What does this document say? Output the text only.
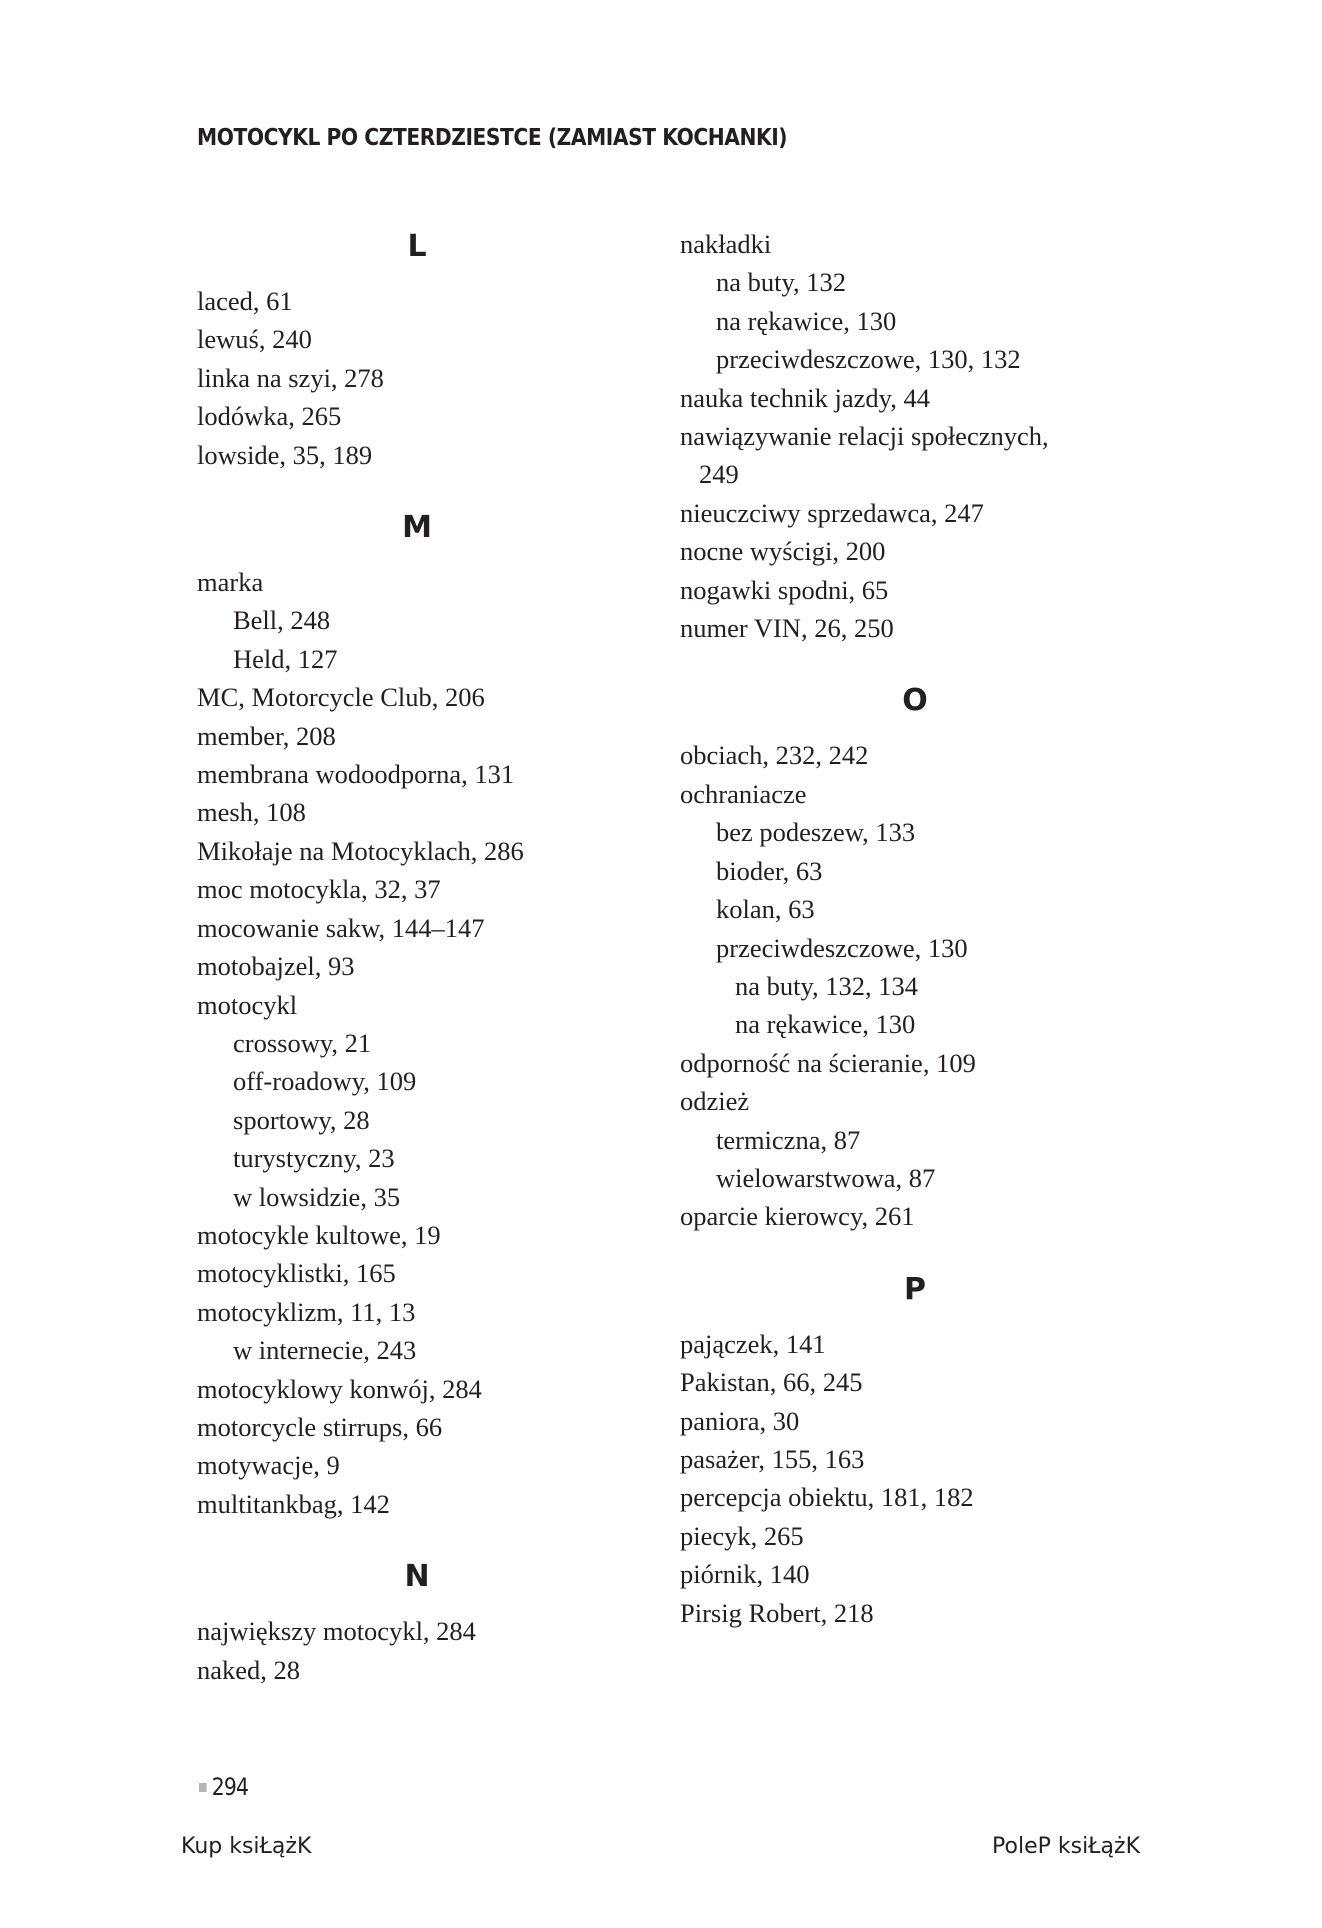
MOTOCYKL PO CZTERDZIESTCE (ZAMIAST KOCHANKI)
L
laced, 61
lewuś, 240
linka na szyi, 278
lodówka, 265
lowside, 35, 189
M
marka
Bell, 248
Held, 127
MC, Motorcycle Club, 206
member, 208
membrana wodoodporna, 131
mesh, 108
Mikołaje na Motocyklach, 286
moc motocykla, 32, 37
mocowanie sakw, 144–147
motobajzel, 93
motocykl
crossowy, 21
off-roadowy, 109
sportowy, 28
turystyczny, 23
w lowsidzie, 35
motocykle kultowe, 19
motocyklistki, 165
motocyklizm, 11, 13
w internecie, 243
motocyklowy konwój, 284
motorcycle stirrups, 66
motywacje, 9
multitankbag, 142
N
największy motocykl, 284
naked, 28
nakładki
na buty, 132
na rękawice, 130
przeciwdeszczowe, 130, 132
nauka technik jazdy, 44
nawiązywanie relacji społecznych,
249
nieuczciwy sprzedawca, 247
nocne wyścigi, 200
nogawki spodni, 65
numer VIN, 26, 250
O
obciach, 232, 242
ochraniacze
bez podeszew, 133
bioder, 63
kolan, 63
przeciwdeszczowe, 130
na buty, 132, 134
na rękawice, 130
odporność na ścieranie, 109
odzież
termiczna, 87
wielowarstwowa, 87
oparcie kierowcy, 261
P
pajączek, 141
Pakistan, 66, 245
paniora, 30
pasażer, 155, 163
percepcja obiektu, 181, 182
piecyk, 265
piórnik, 140
Pirsig Robert, 218
294
Kup ksiŁążK	PoleP ksiŁążK
